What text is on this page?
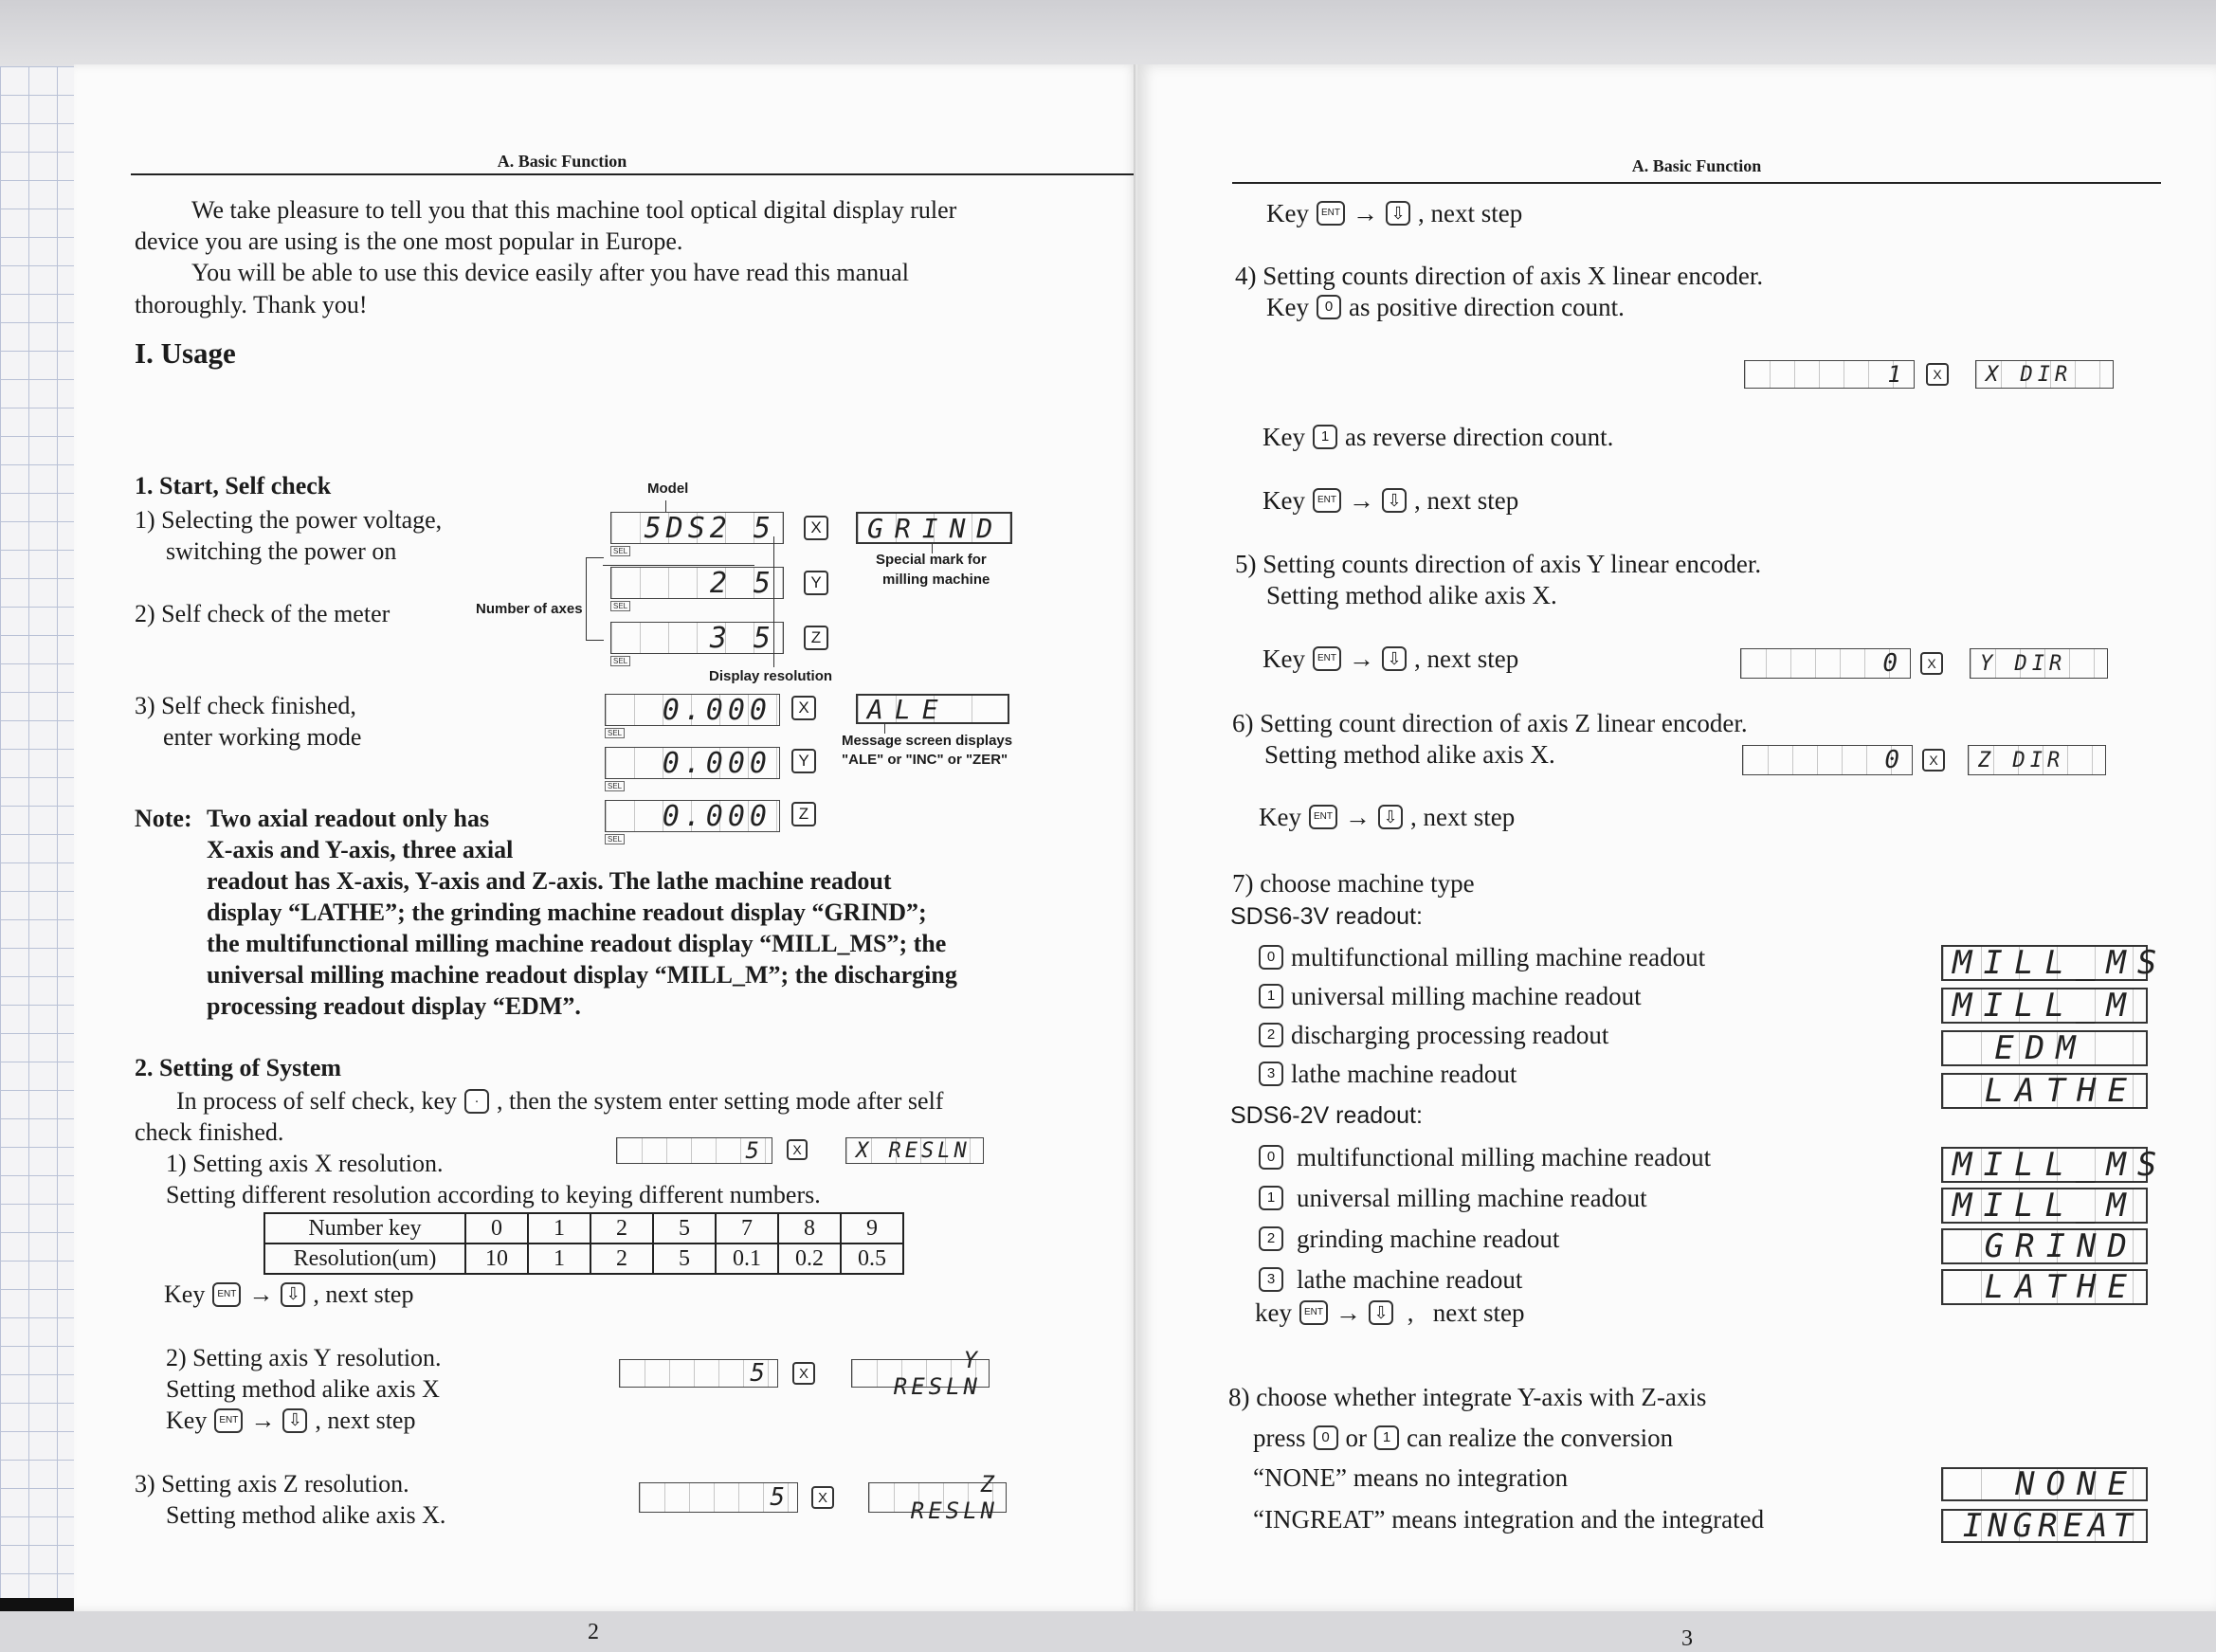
A. Basic Function
We take pleasure to tell you that this machine tool optical digital display ruler
device you are using is the one most popular in Europe.
You will be able to use this device easily after you have read this manual
thoroughly. Thank you!
I. Usage
1. Start, Self check
1) Selecting the power voltage,
switching the power on
2) Self check of the meter
3) Self check finished,
enter working mode
Model
5DS2 5
SEL
X
2 5
SEL
Y
3 5
SEL
Z
Number of axes
Display resolution
GRIND
Special mark for
milling machine
0.000
SEL
X
0.000
SEL
Y
0.000
SEL
Z
ALE
Message screen displays
"ALE" or "INC" or "ZER"
Note: Two axial readout only has
X-axis and Y-axis, three axial
readout has X-axis, Y-axis and Z-axis. The lathe machine readout
display “LATHE”; the grinding machine readout display “GRIND”;
the multifunctional milling machine readout display “MILL_MS”; the
universal milling machine readout display “MILL_M”; the discharging
processing readout display “EDM”.
2. Setting of System
In process of self check, key	· , then the system enter setting mode after self
check finished.
1) Setting axis X resolution.
Setting different resolution according to keying different numbers.
5	X	X RESLN
Number key	0	1	2	5	7	8	9
Resolution(um)	10	1	2	5	0.1	0.2	0.5
Key	ENT → ⇩ , next step
2) Setting axis Y resolution.
Setting method alike axis X
5	X	Y RESLN
Key	ENT → ⇩ , next step
3) Setting axis Z resolution.
Setting method alike axis X.
5	X	Z RESLN
2
A. Basic Function
Key	ENT → ⇩ , next step
4) Setting counts direction of axis X linear encoder.
Key	0 as positive direction count.
1	X	X DIR
Key	1 as reverse direction count.
Key	ENT → ⇩ , next step
5) Setting counts direction of axis Y linear encoder.
Setting method alike axis X.
Key	ENT → ⇩ , next step	0	X	Y DIR
6) Setting count direction of axis Z linear encoder.
Setting method alike axis X.	0	X	Z DIR
Key	ENT → ⇩ , next step
7) choose machine type
SDS6-3V readout:
0 multifunctional milling machine readout
1 universal milling machine readout
2 discharging processing readout
3 lathe machine readout
MILL_MS
MILL_M
EDM
LATHE
SDS6-2V readout:
0 multifunctional milling machine readout
1 universal milling machine readout
2 grinding machine readout
3 lathe machine readout
MILL_MS
MILL_M
GRIND
LATHE
key	ENT → ⇩ ,   next step
8) choose whether integrate Y-axis with Z-axis
press	0 or	1 can realize the conversion
“NONE” means no integration
“INGREAT” means integration and the integrated
NONE
INGREAT
3
